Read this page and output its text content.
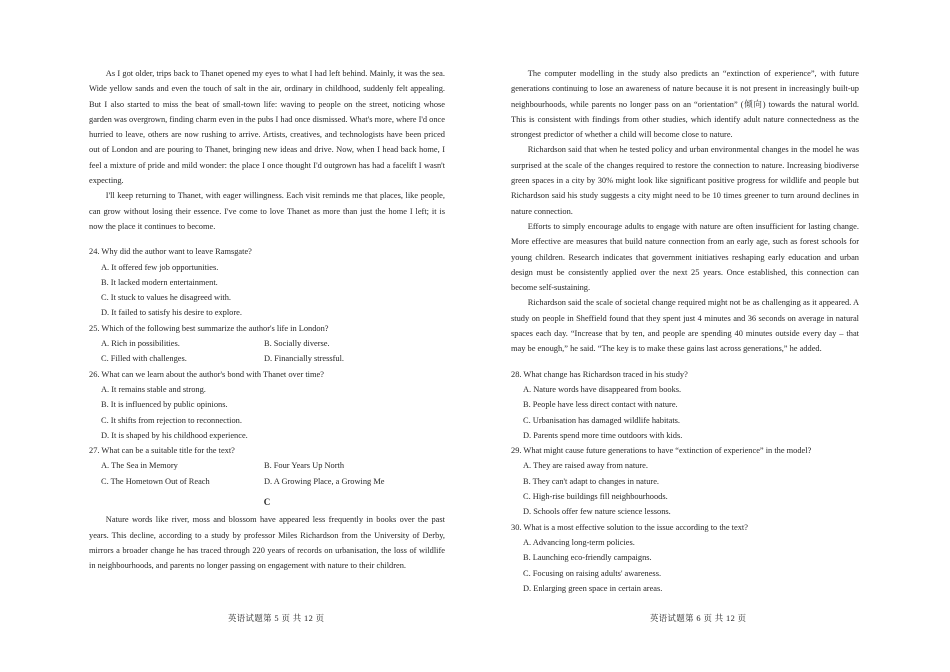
As I got older, trips back to Thanet opened my eyes to what I had left behind. Mainly, it was the sea. Wide yellow sands and even the touch of salt in the air, ordinary in childhood, suddenly felt appealing. But I also started to miss the beat of small-town life: waving to people on the street, noticing whose garden was overgrown, finding charm even in the pubs I had once dismissed. What's more, where I'd once hurried to leave, others are now rushing to arrive. Artists, creatives, and technologists have been priced out of London and are pouring to Thanet, bringing new ideas and drive. Now, when I head back home, I feel a mixture of pride and mild wonder: the place I once thought I'd outgrown has had a facelift I wasn't expecting.

I'll keep returning to Thanet, with eager willingness. Each visit reminds me that places, like people, can grow without losing their essence. I've come to love Thanet as more than just the home I left; it is now the place it continues to become.

24. Why did the author want to leave Ramsgate?
A. It offered few job opportunities.
B. It lacked modern entertainment.
C. It stuck to values he disagreed with.
D. It failed to satisfy his desire to explore.
25. Which of the following best summarize the author's life in London?
A. Rich in possibilities.	B. Socially diverse.
C. Filled with challenges.	D. Financially stressful.
26. What can we learn about the author's bond with Thanet over time?
A. It remains stable and strong.
B. It is influenced by public opinions.
C. It shifts from rejection to reconnection.
D. It is shaped by his childhood experience.
27. What can be a suitable title for the text?
A. The Sea in Memory	B. Four Years Up North
C. The Hometown Out of Reach	D. A Growing Place, a Growing Me
C

Nature words like river, moss and blossom have appeared less frequently in books over the past years. This decline, according to a study by professor Miles Richardson from the University of Derby, mirrors a broader change he has traced through 220 years of records on urbanisation, the loss of wildlife in neighbourhoods, and parents no longer passing on engagement with nature to their children.

The computer modelling in the study also predicts an “extinction of experience”, with future generations continuing to lose an awareness of nature because it is not present in increasingly built-up neighbourhoods, while parents no longer pass on an “orientation” (倾向) towards the natural world. This is consistent with findings from other studies, which identify adult nature connectedness as the strongest predictor of whether a child will become close to nature.

Richardson said that when he tested policy and urban environmental changes in the model he was surprised at the scale of the changes required to restore the connection to nature. Increasing biodiverse green spaces in a city by 30% might look like significant positive progress for wildlife and people but Richardson said his study suggests a city might need to be 10 times greener to turn around declines in nature connection.

Efforts to simply encourage adults to engage with nature are often insufficient for lasting change. More effective are measures that build nature connection from an early age, such as forest schools for young children. Research indicates that government initiatives reshaping early education and urban design must be consistently applied over the next 25 years. Once established, this connection can become self-sustaining.

Richardson said the scale of societal change required might not be as challenging as it appeared. A study on people in Sheffield found that they spent just 4 minutes and 36 seconds on average in natural spaces each day. “Increase that by ten, and people are spending 40 minutes outside every day – that may be enough,” he said. “The key is to make these gains last across generations,” he added.

28. What change has Richardson traced in his study?
A. Nature words have disappeared from books.
B. People have less direct contact with nature.
C. Urbanisation has damaged wildlife habitats.
D. Parents spend more time outdoors with kids.
29. What might cause future generations to have “extinction of experience” in the model?
A. They are raised away from nature.
B. They can't adapt to changes in nature.
C. High-rise buildings fill neighbourhoods.
D. Schools offer few nature science lessons.
30. What is a most effective solution to the issue according to the text?
A. Advancing long-term policies.
B. Launching eco-friendly campaigns.
C. Focusing on raising adults' awareness.
D. Enlarging green space in certain areas.
英语试题第 5 页 共 12 页	英语试题第 6 页 共 12 页
